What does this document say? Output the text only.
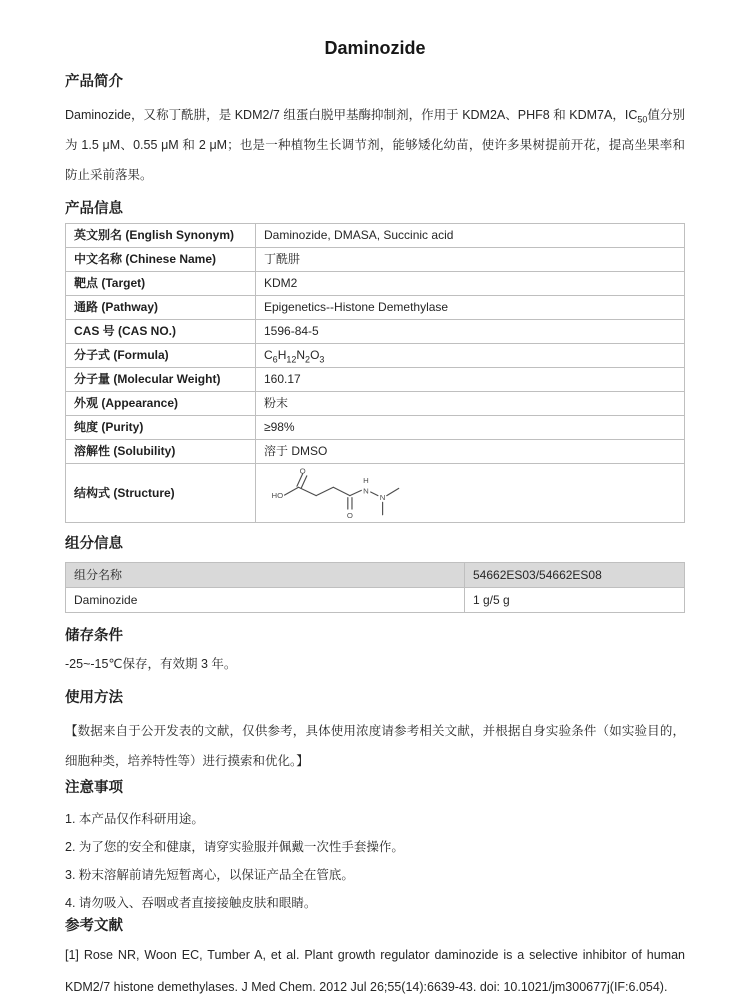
Daminozide
产品简介

Daminozide，又称丁酰肼，是 KDM2/7 组蛋白脱甲基酶抑制剂，作用于 KDM2A、PHF8 和 KDM7A，$IC_{50}$值分别为 1.5 μM、0.55 μM 和 2 μM；也是一种植物生长调节剂，能够矮化幼苗，使许多果树提前开花，提高坐果率和防止采前落果。

产品信息
英文别名 (English Synonym)	Daminozide, DMASA, Succinic acid
中文名称 (Chinese Name)	丁酰肼
靶点 (Target)	KDM2
通路 (Pathway)	Epigenetics--Histone Demethylase
CAS 号 (CAS NO.)	1596-84-5
分子式 (Formula)	$C_6H_{12}N_2O_3$
分子量 (Molecular Weight)	160.17
外观 (Appearance)	粉末
纯度 (Purity)	≥98%
溶解性 (Solubility)	溶于 DMSO
结构式 (Structure)	HO
O
O
H
N
N
组分信息
组分名称	54662ES03/54662ES08
Daminozide	1 g/5 g
储存条件

-25~-15℃保存，有效期 3 年。

使用方法

【数据来自于公开发表的文献，仅供参考，具体使用浓度请参考相关文献，并根据自身实验条件（如实验目的，细胞种类，培养特性等）进行摸索和优化。】

注意事项
1. 本产品仅作科研用途。
2. 为了您的安全和健康，请穿实验服并佩戴一次性手套操作。
3. 粉末溶解前请先短暂离心，以保证产品全在管底。
4. 请勿吸入、吞咽或者直接接触皮肤和眼睛。
参考文献

[1] Rose NR, Woon EC, Tumber A, et al. Plant growth regulator daminozide is a selective inhibitor of human KDM2/7 histone demethylases. J Med Chem. 2012 Jul 26;55(14):6639-43. doi: 10.1021/jm300677j(IF:6.054).
